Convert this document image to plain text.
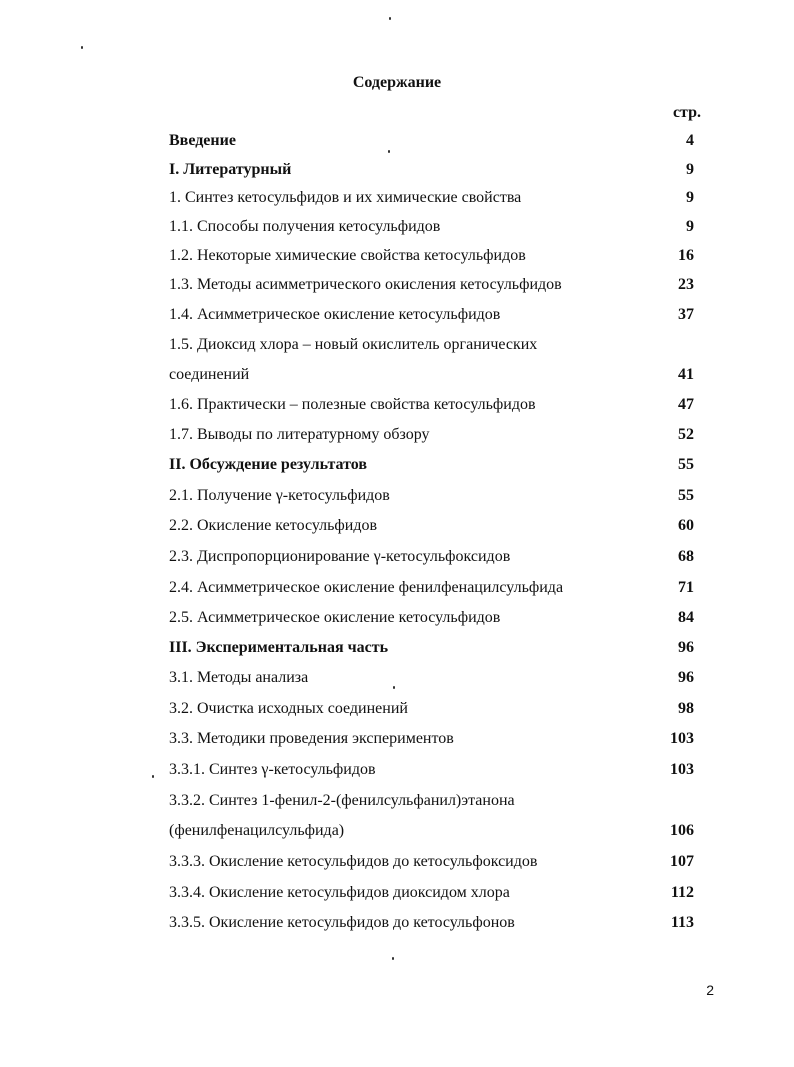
Содержание
стр.
Введение	4
I. Литературный	9
1. Синтез кетосульфидов и их химические свойства	9
1.1. Способы получения кетосульфидов	9
1.2. Некоторые химические свойства кетосульфидов	16
1.3. Методы асимметрического окисления кетосульфидов	23
1.4. Асимметрическое окисление кетосульфидов	37
1.5. Диоксид хлора – новый окислитель органических
соединений	41
1.6. Практически – полезные свойства кетосульфидов	47
1.7. Выводы по литературному обзору	52
II. Обсуждение результатов	55
2.1. Получение γ-кетосульфидов	55
2.2. Окисление кетосульфидов	60
2.3. Диспропорционирование γ-кетосульфоксидов	68
2.4. Асимметрическое окисление фенилфенацилсульфида	71
2.5. Асимметрическое окисление кетосульфидов	84
III. Экспериментальная часть	96
3.1. Методы анализа	96
3.2. Очистка исходных соединений	98
3.3. Методики проведения экспериментов	103
3.3.1. Синтез γ-кетосульфидов	103
3.3.2. Синтез 1-фенил-2-(фенилсульфанил)этанона
(фенилфенацилсульфида)	106
3.3.3. Окисление кетосульфидов до кетосульфоксидов	107
3.3.4. Окисление кетосульфидов диоксидом хлора	112
3.3.5. Окисление кетосульфидов до кетосульфонов	113
2
